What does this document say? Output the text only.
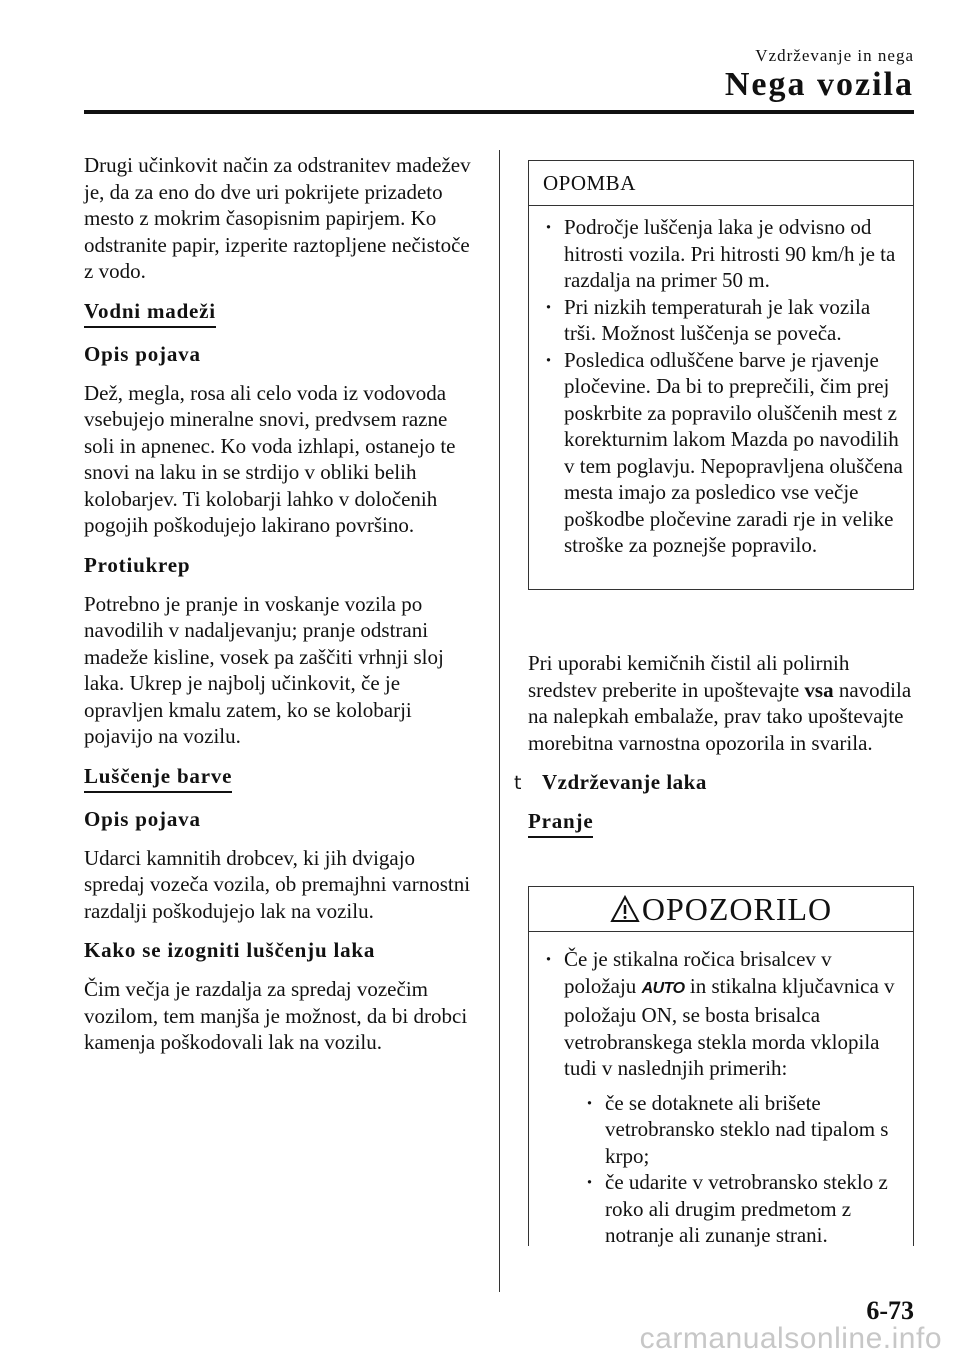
Vzdrževanje in nega
Nega vozila

Drugi učinkovit način za odstranitev madežev je, da za eno do dve uri pokrijete prizadeto mesto z mokrim časopisnim papirjem. Ko odstranite papir, izperite raztopljene nečistoče z vodo.

Vodni madeži
Opis pojava

Dež, megla, rosa ali celo voda iz vodovoda vsebujejo mineralne snovi, predvsem razne soli in apnenec. Ko voda izhlapi, ostanejo te snovi na laku in se strdijo v obliki belih kolobarjev. Ti kolobarji lahko v določenih pogojih poškodujejo lakirano površino.

Protiukrep

Potrebno je pranje in voskanje vozila po navodilih v nadaljevanju; pranje odstrani madeže kisline, vosek pa zaščiti vrhnji sloj laka. Ukrep je najbolj učinkovit, če je opravljen kmalu zatem, ko se kolobarji pojavijo na vozilu.

Luščenje barve
Opis pojava

Udarci kamnitih drobcev, ki jih dvigajo spredaj vozeča vozila, ob premajhni varnostni razdalji poškodujejo lak na vozilu.

Kako se izogniti luščenju laka

Čim večja je razdalja za spredaj vozečim vozilom, tem manjša je možnost, da bi drobci kamenja poškodovali lak na vozilu.

OPOMBA
· Področje luščenja laka je odvisno od hitrosti vozila. Pri hitrosti 90 km/h je ta razdalja na primer 50 m.
· Pri nizkih temperaturah je lak vozila trši. Možnost luščenja se poveča.
· Posledica odluščene barve je rjavenje pločevine. Da bi to preprečili, čim prej poskrbite za popravilo oluščenih mest z korekturnim lakom Mazda po navodilih v tem poglavju. Nepopravljena oluščena mesta imajo za posledico vse večje poškodbe pločevine zaradi rje in velike stroške za poznejše popravilo.

Pri uporabi kemičnih čistil ali polirnih sredstev preberite in upoštevajte vsa navodila na nalepkah embalaže, prav tako upoštevajte morebitna varnostna opozorila in svarila.

t Vzdrževanje laka
Pranje
OPOZORILO
· Če je stikalna ročica brisalcev v položaju AUTO in stikalna ključavnica v položaju ON, se bosta brisalca vetrobranskega stekla morda vklopila tudi v naslednjih primerih:
· če se dotaknete ali brišete vetrobransko steklo nad tipalom s krpo;
· če udarite v vetrobransko steklo z roko ali drugim predmetom z notranje ali zunanje strani.
6-73
carmanualsonline.info
